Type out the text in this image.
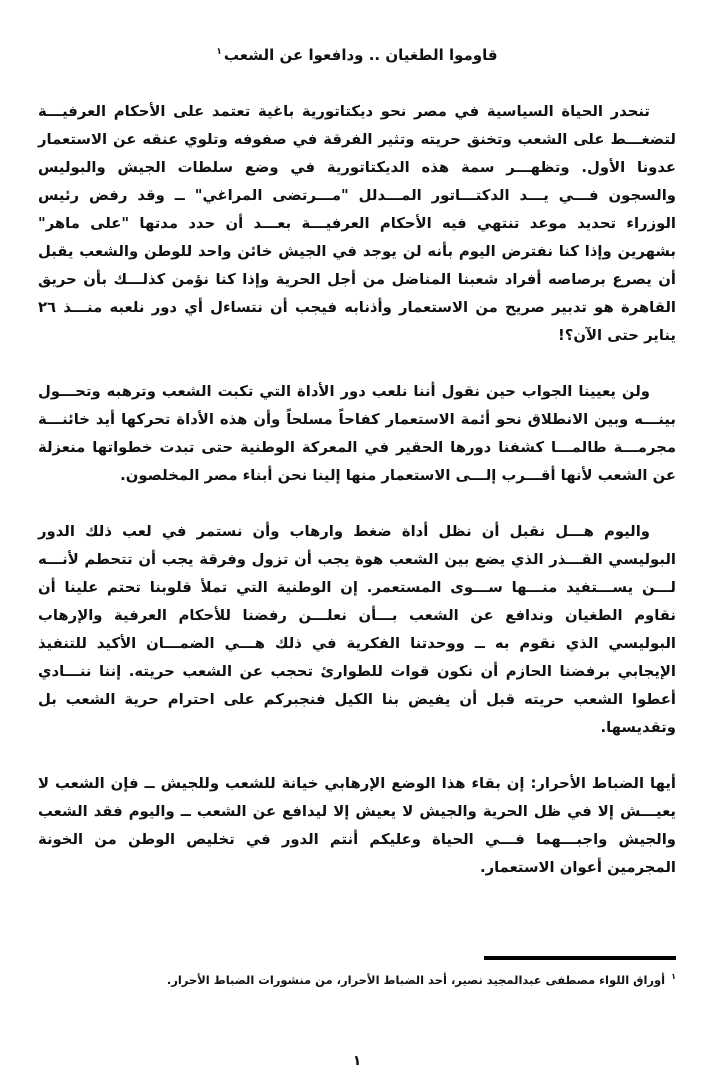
قاوموا الطغيان .. ودافعوا عن الشعب$^١$

تنحدر الحياة السياسية في مصر نحو ديكتاتورية باغية تعتمد على الأحكام العرفيـــة لتضغـــط على الشعب وتخنق حريته وتثير الفرقة في صفوفه وتلوي عنقه عن الاستعمار عدونا الأول. وتظهـــر سمة هذه الديكتاتورية في وضع سلطات الجيش والبوليس والسجون فـــي يـــد الدكتـــاتور المـــدلل "مـــرتضى المراغي" ــ وقد رفض رئيس الوزراء تحديد موعد تنتهي فيه الأحكام العرفيـــة بعـــد أن حدد مدتها "على ماهر" بشهرين وإذا كنا نفترض اليوم بأنه لن يوجد في الجيش خائن واحد للوطن والشعب يقبل أن يصرع برصاصه أفراد شعبنا المناضل من أجل الحرية وإذا كنا نؤمن كذلـــك بأن حريق القاهرة هو تدبير صريح من الاستعمار وأذنابه فيجب أن نتساءل أي دور نلعبه منـــذ ٢٦ يناير حتى الآن؟!

ولن يعيينا الجواب حين نقول أننا نلعب دور الأداة التي تكبت الشعب وترهبه وتحـــول بينـــه وبين الانطلاق نحو أئمة الاستعمار كفاحاً مسلحاً وأن هذه الأداة تحركها أيد خائنـــة مجرمـــة طالمـــا كشفنا دورها الحقير في المعركة الوطنية حتى تبدت خطواتها منعزلة عن الشعب لأنها أقـــرب إلـــى الاستعمار منها إلينا نحن أبناء مصر المخلصون.

واليوم هـــل نقبل أن نظل أداة ضغط وارهاب وأن نستمر في لعب ذلك الدور البوليسي القـــذر الذي يضع بين الشعب هوة يجب أن تزول وفرقة يجب أن تتحطم لأنـــه لـــن يســـتفيد منـــها ســـوى المستعمر. إن الوطنية التي تملأ قلوبنا تحتم علينا أن نقاوم الطغيان وندافع عن الشعب بـــأن نعلـــن رفضنا للأحكام العرفية والإرهاب البوليسي الذي نقوم به ــ ووحدتنا الفكرية في ذلك هـــي الضمـــان الأكيد للتنفيذ الإيجابي برفضنا الحازم أن نكون قوات للطوارئ تحجب عن الشعب حريته. إننا ننـــادي أعطوا الشعب حريته قبل أن يفيض بنا الكيل فنجبركم على احترام حرية الشعب بل وتقديسها.

أيها الضباط الأحرار: إن بقاء هذا الوضع الإرهابي خيانة للشعب وللجيش ــ فإن الشعب لا يعيـــش إلا في ظل الحرية والجيش لا يعيش إلا ليدافع عن الشعب ــ واليوم فقد الشعب والجيش واجبـــهما فـــي الحياة وعليكم أنتم الدور في تخليص الوطن من الخونة المجرمين أعوان الاستعمار.

$^١$ أوراق اللواء مصطفى عبدالمجيد نصير، أحد الضباط الأحرار، من منشورات الضباط الأحرار.

١
